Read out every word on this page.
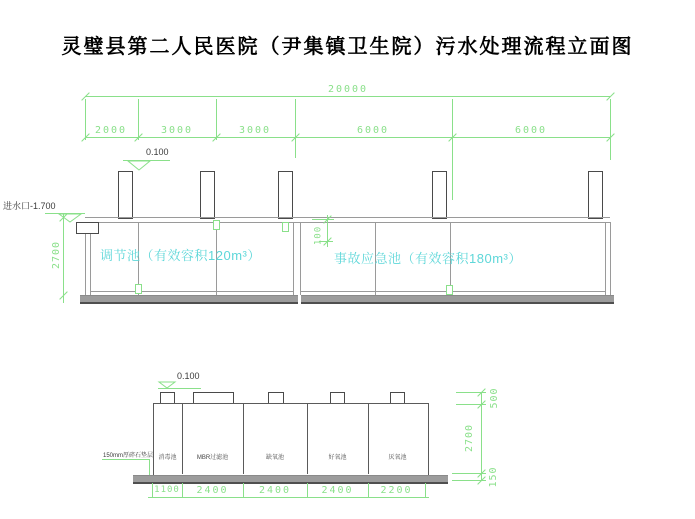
灵璧县第二人民医院（尹集镇卫生院）污水处理流程立面图
20000
2000	3000	3000	6000	6000
0.100
进水口-1.700
2700
100
调节池（有效容积120m³）	事故应急池（有效容积180m³）
0.100
消毒池	MBR过滤池	缺氧池	好氧池	厌氧池
150mm厚碎石垫层
1100	2400	2400	2400	2200
500
2700
150
